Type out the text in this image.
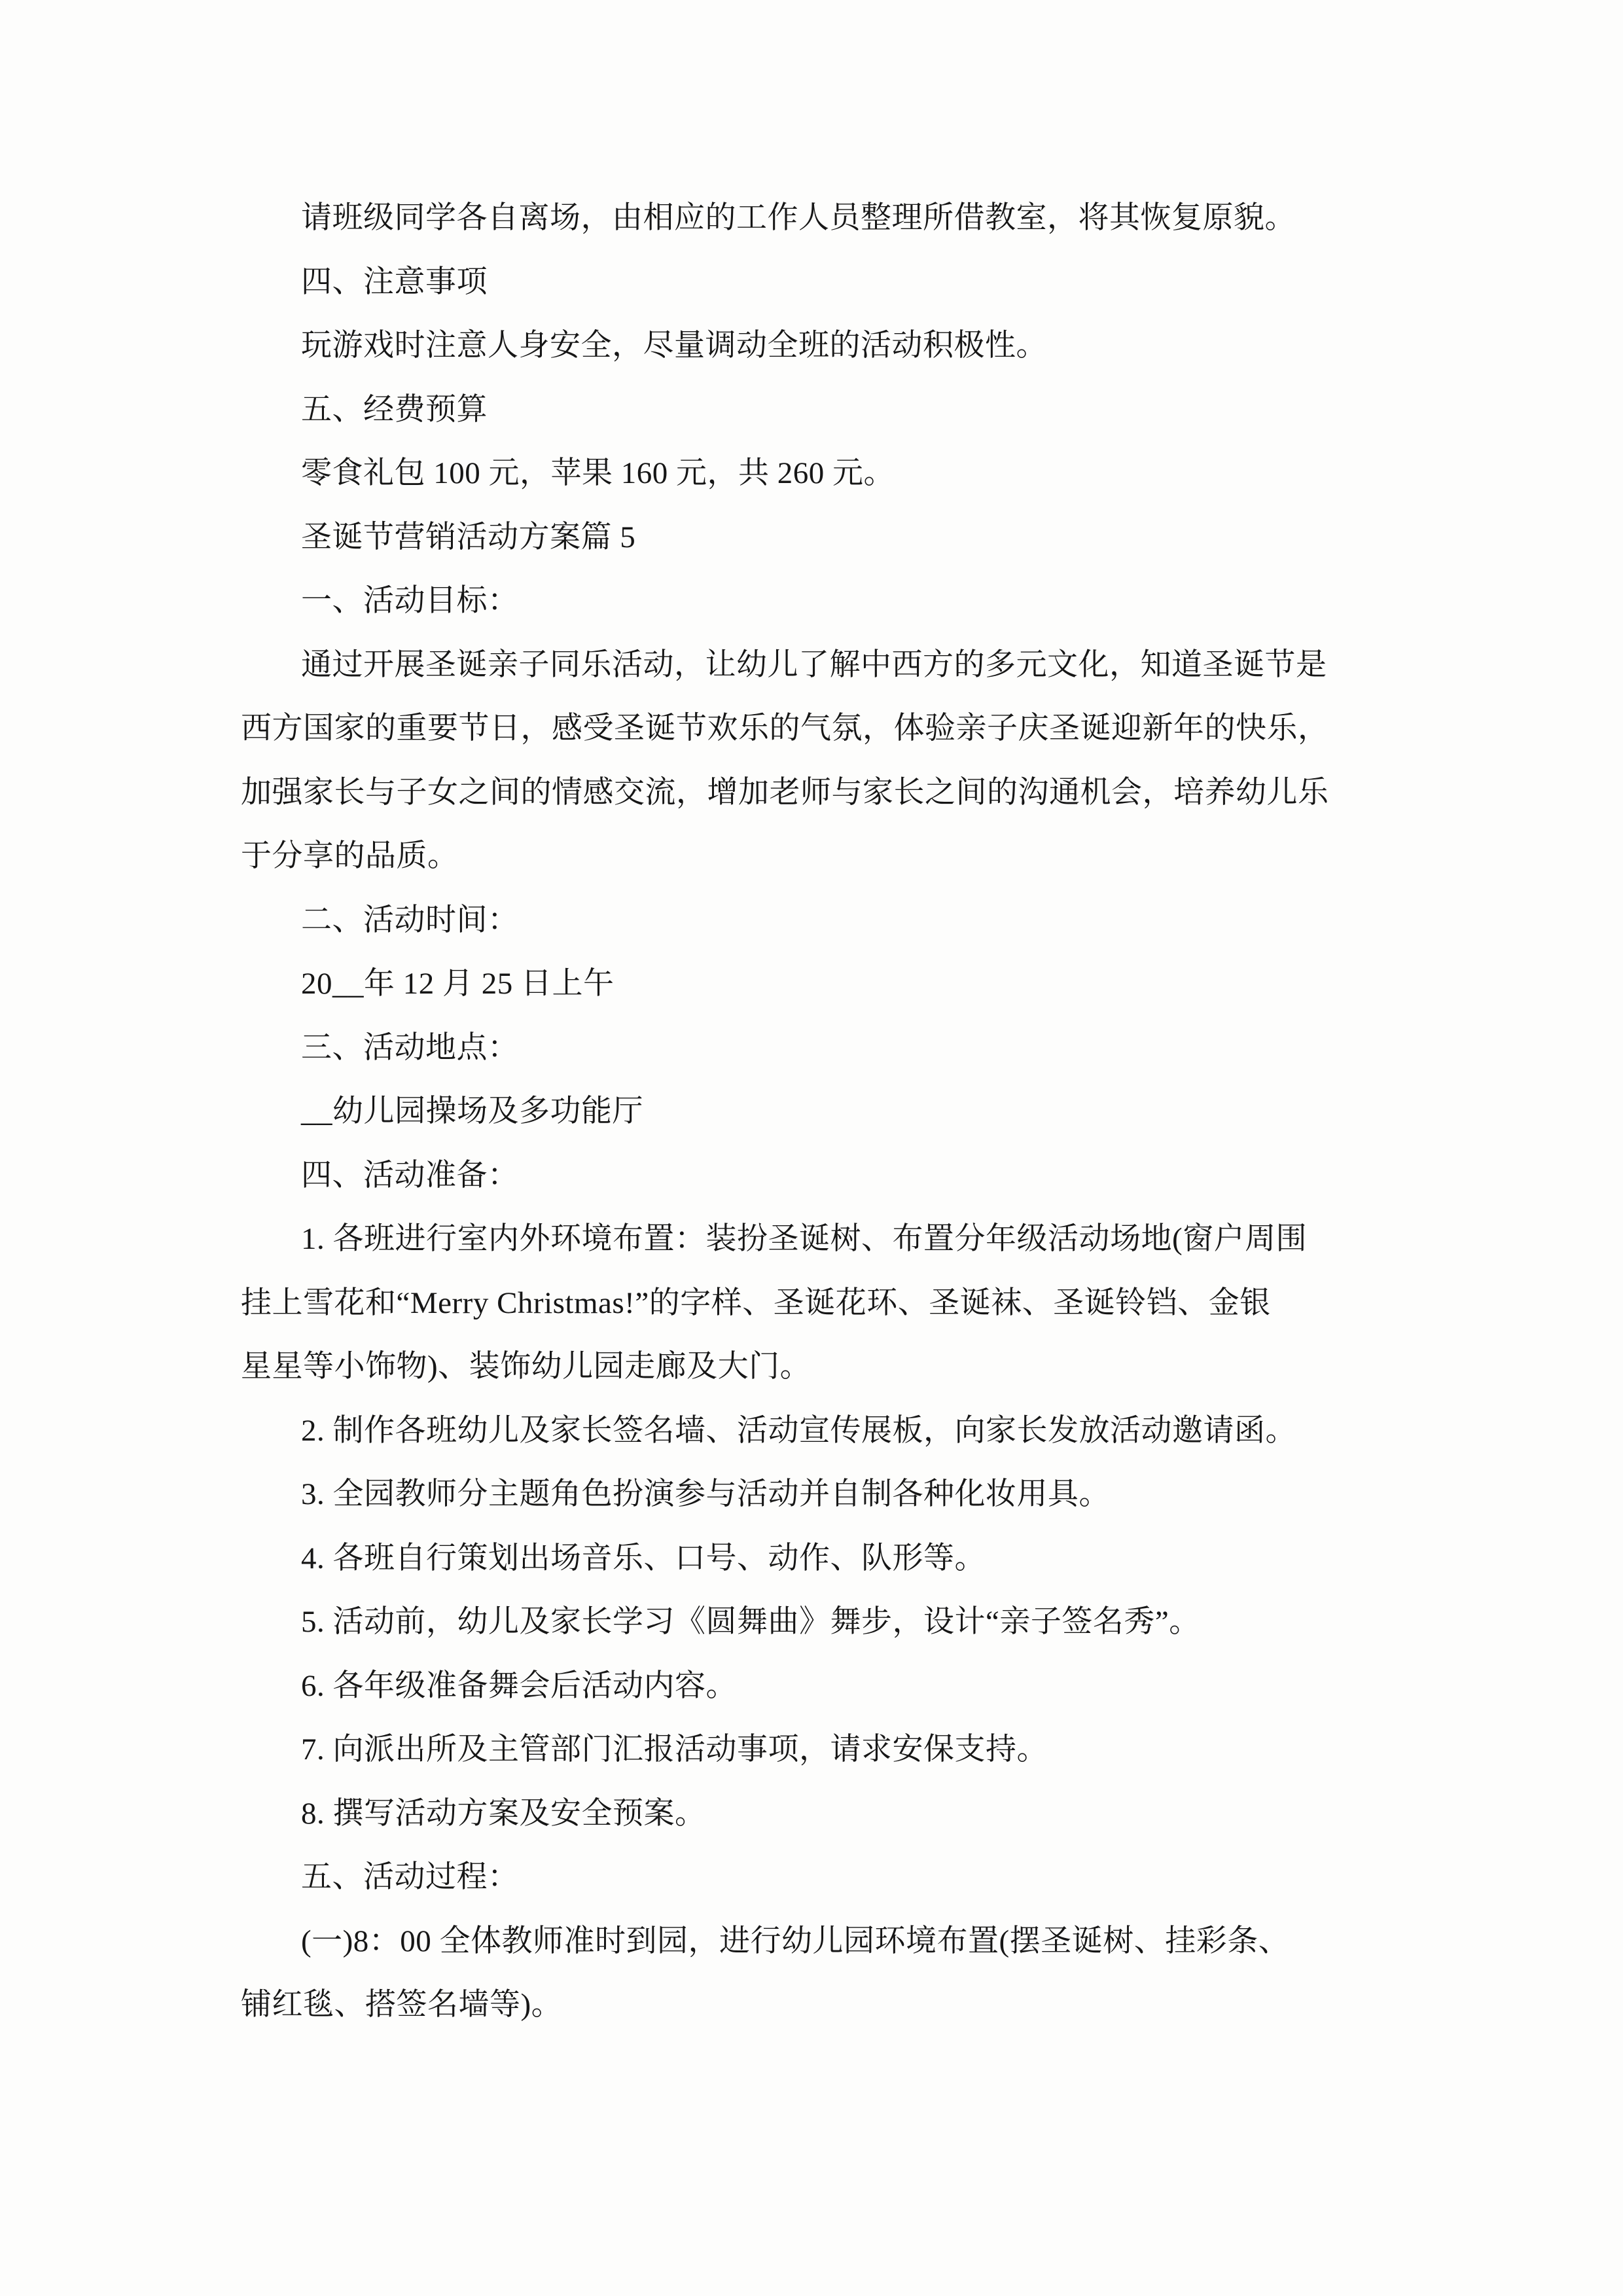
请班级同学各自离场，由相应的工作人员整理所借教室，将其恢复原貌。
四、注意事项
玩游戏时注意人身安全，尽量调动全班的活动积极性。
五、经费预算
零食礼包 100 元，苹果 160 元，共 260 元。
圣诞节营销活动方案篇 5
一、活动目标：
通过开展圣诞亲子同乐活动，让幼儿了解中西方的多元文化，知道圣诞节是
西方国家的重要节日，感受圣诞节欢乐的气氛，体验亲子庆圣诞迎新年的快乐，
加强家长与子女之间的情感交流，增加老师与家长之间的沟通机会，培养幼儿乐
于分享的品质。
二、活动时间：
20__年 12 月 25 日上午
三、活动地点：
__幼儿园操场及多功能厅
四、活动准备：
1. 各班进行室内外环境布置：装扮圣诞树、布置分年级活动场地(窗户周围
挂上雪花和“Merry Christmas!”的字样、圣诞花环、圣诞袜、圣诞铃铛、金银
星星等小饰物)、装饰幼儿园走廊及大门。
2. 制作各班幼儿及家长签名墙、活动宣传展板，向家长发放活动邀请函。
3. 全园教师分主题角色扮演参与活动并自制各种化妆用具。
4. 各班自行策划出场音乐、口号、动作、队形等。
5. 活动前，幼儿及家长学习《圆舞曲》舞步，设计“亲子签名秀”。
6. 各年级准备舞会后活动内容。
7. 向派出所及主管部门汇报活动事项，请求安保支持。
8. 撰写活动方案及安全预案。
五、活动过程：
(一)8：00 全体教师准时到园，进行幼儿园环境布置(摆圣诞树、挂彩条、
铺红毯、搭签名墙等)。
